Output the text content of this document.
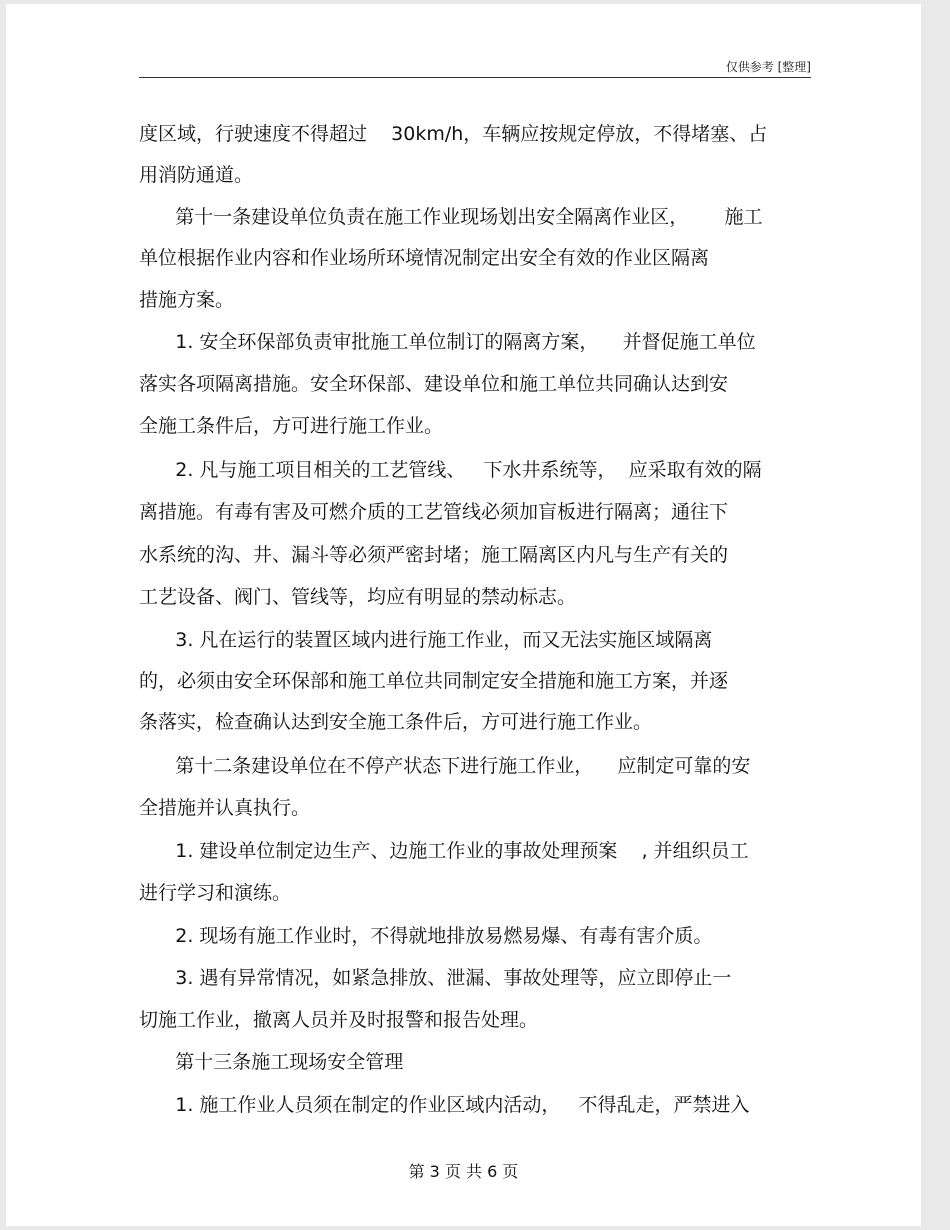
仅供参考 [整理]
度区域，行驶速度不得超过    30km/h，车辆应按规定停放，不得堵塞、占
用消防通道。
第十一条建设单位负责在施工作业现场划出安全隔离作业区，      施工
单位根据作业内容和作业场所环境情况制定出安全有效的作业区隔离
措施方案。
1. 安全环保部负责审批施工单位制订的隔离方案，    并督促施工单位
落实各项隔离措施。安全环保部、建设单位和施工单位共同确认达到安
全施工条件后，方可进行施工作业。
2. 凡与施工项目相关的工艺管线、   下水井系统等，  应采取有效的隔
离措施。有毒有害及可燃介质的工艺管线必须加盲板进行隔离；通往下
水系统的沟、井、漏斗等必须严密封堵；施工隔离区内凡与生产有关的
工艺设备、阀门、管线等，均应有明显的禁动标志。
3. 凡在运行的装置区域内进行施工作业，而又无法实施区域隔离
的，必须由安全环保部和施工单位共同制定安全措施和施工方案，并逐
条落实，检查确认达到安全施工条件后，方可进行施工作业。
第十二条建设单位在不停产状态下进行施工作业，    应制定可靠的安
全措施并认真执行。
1. 建设单位制定边生产、边施工作业的事故处理预案    , 并组织员工
进行学习和演练。
2. 现场有施工作业时，不得就地排放易燃易爆、有毒有害介质。
3. 遇有异常情况，如紧急排放、泄漏、事故处理等，应立即停止一
切施工作业，撤离人员并及时报警和报告处理。
第十三条施工现场安全管理
1. 施工作业人员须在制定的作业区域内活动，   不得乱走，严禁进入
第 3 页 共 6 页
